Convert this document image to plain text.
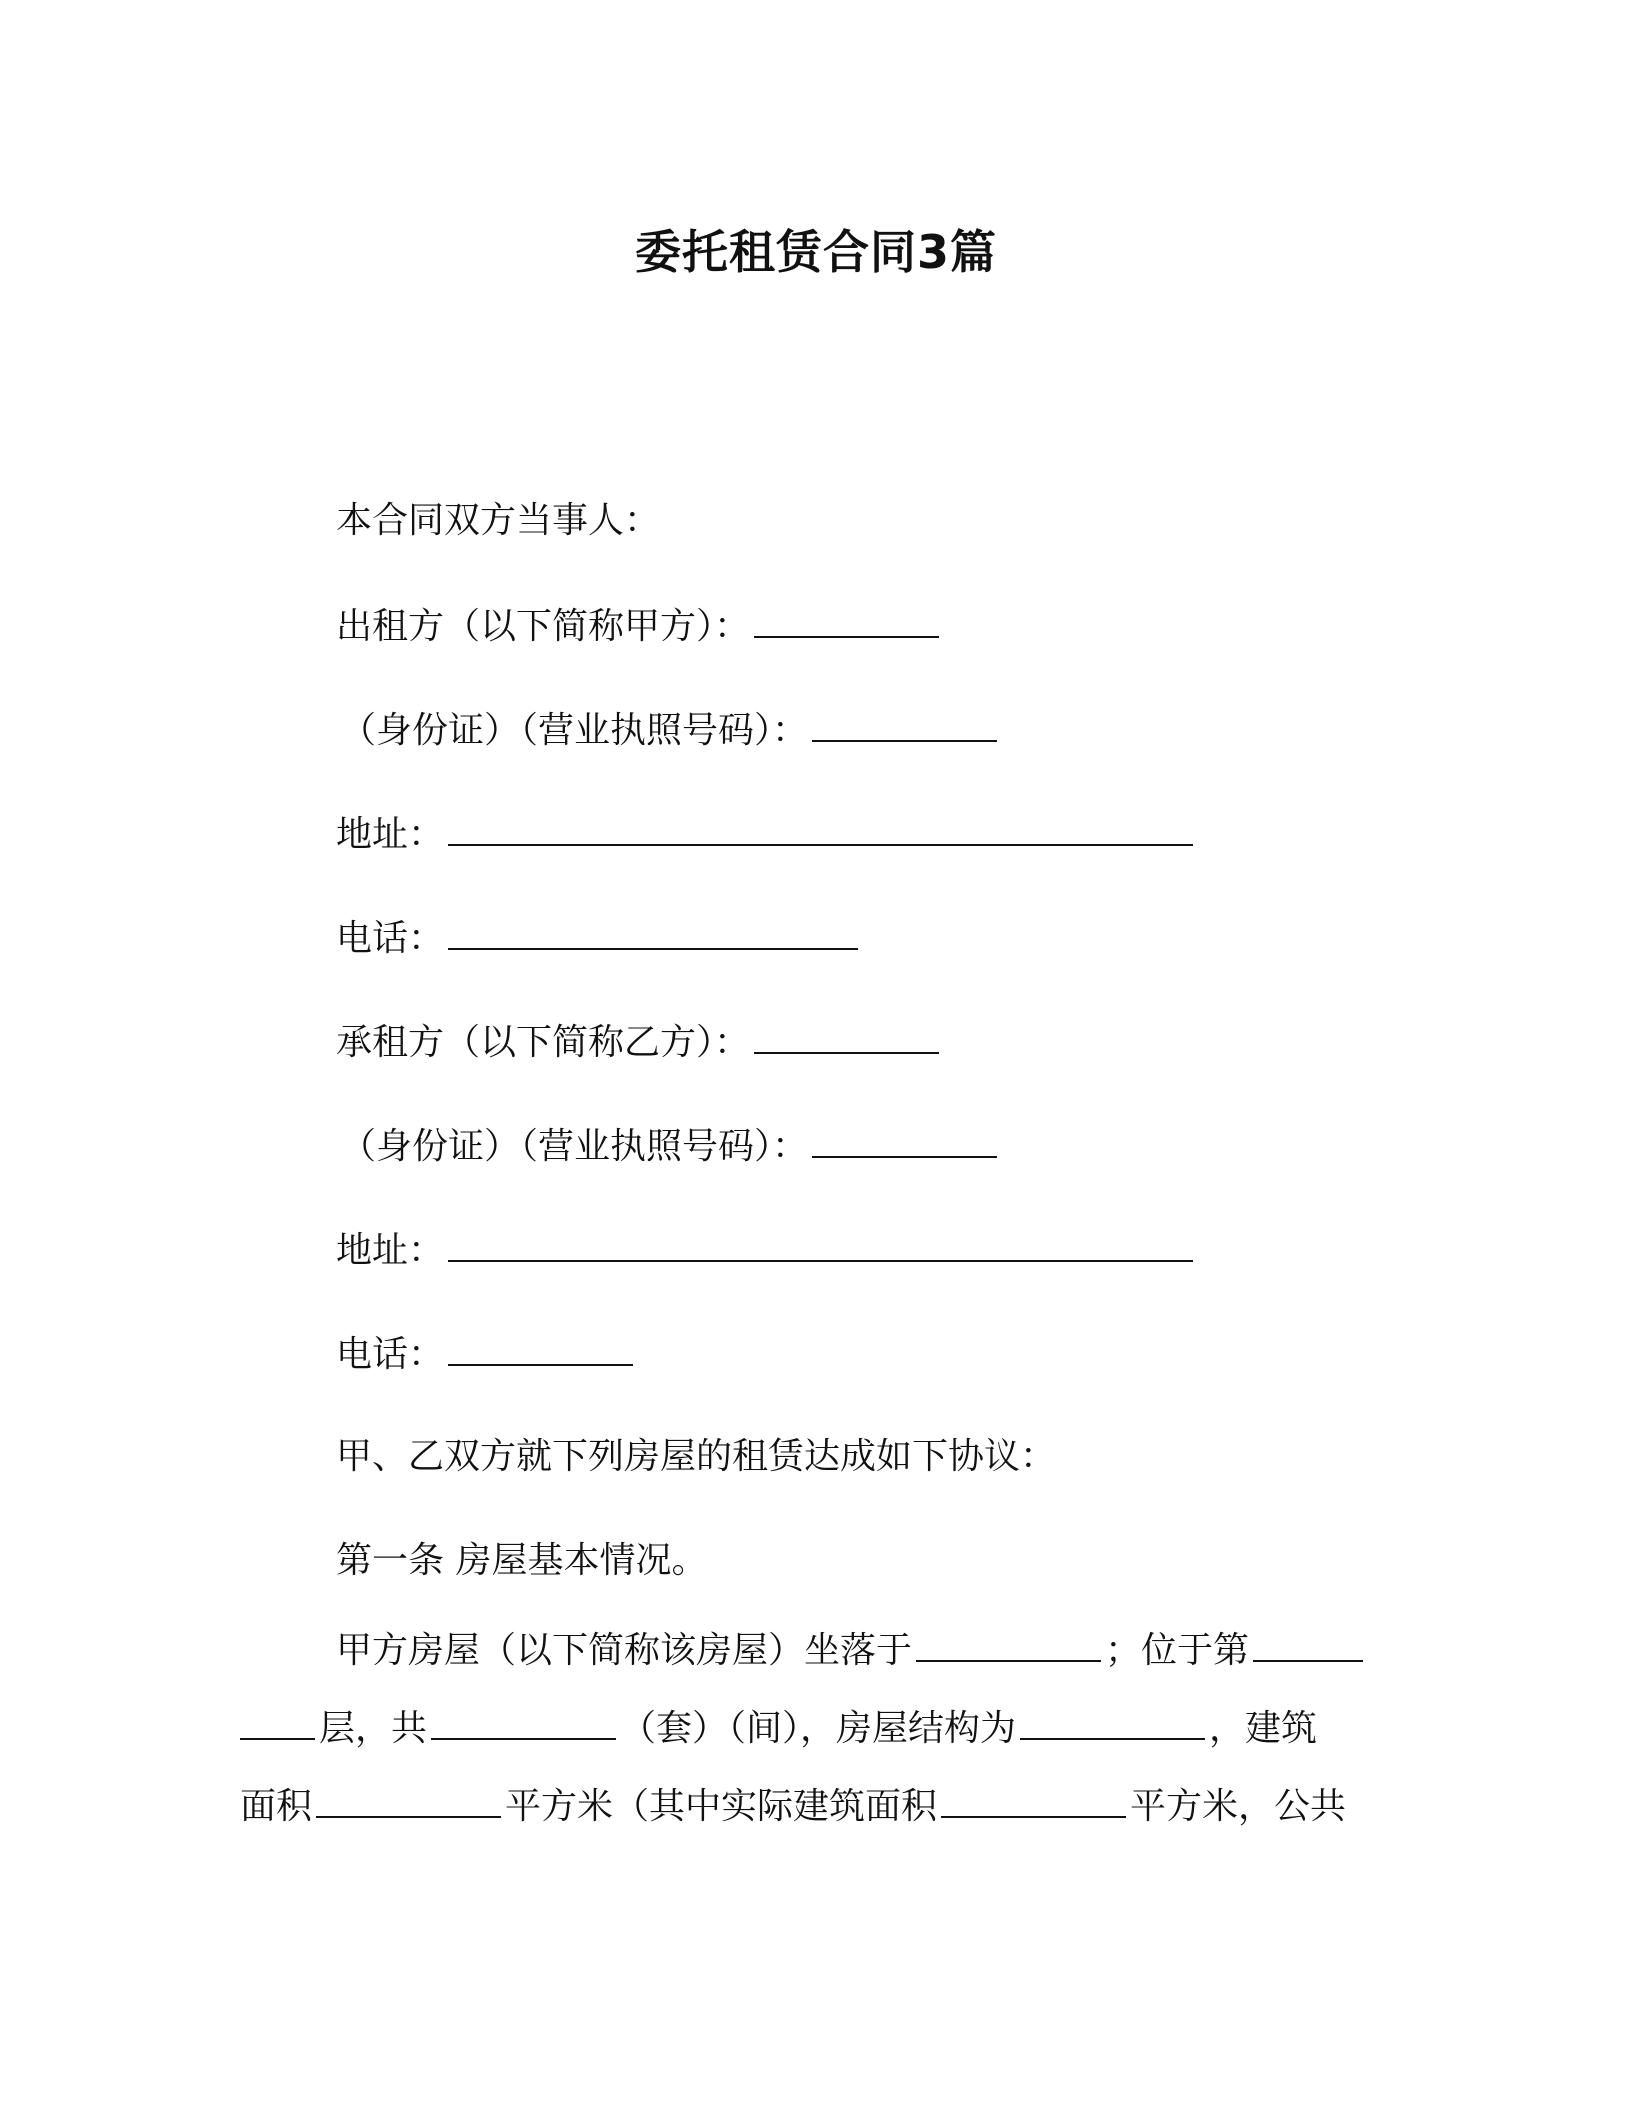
委托租赁合同3篇
本合同双方当事人：
出租方（以下简称甲方）：
（身份证）（营业执照号码）：
地址：
电话：
承租方（以下简称乙方）：
（身份证）（营业执照号码）：
地址：
电话：
甲、乙双方就下列房屋的租赁达成如下协议：
第一条 房屋基本情况。
甲方房屋（以下简称该房屋）坐落于	；位于第
层，共	（套）（间），房屋结构为	，建筑
面积	平方米（其中实际建筑面积	平方米，公共
